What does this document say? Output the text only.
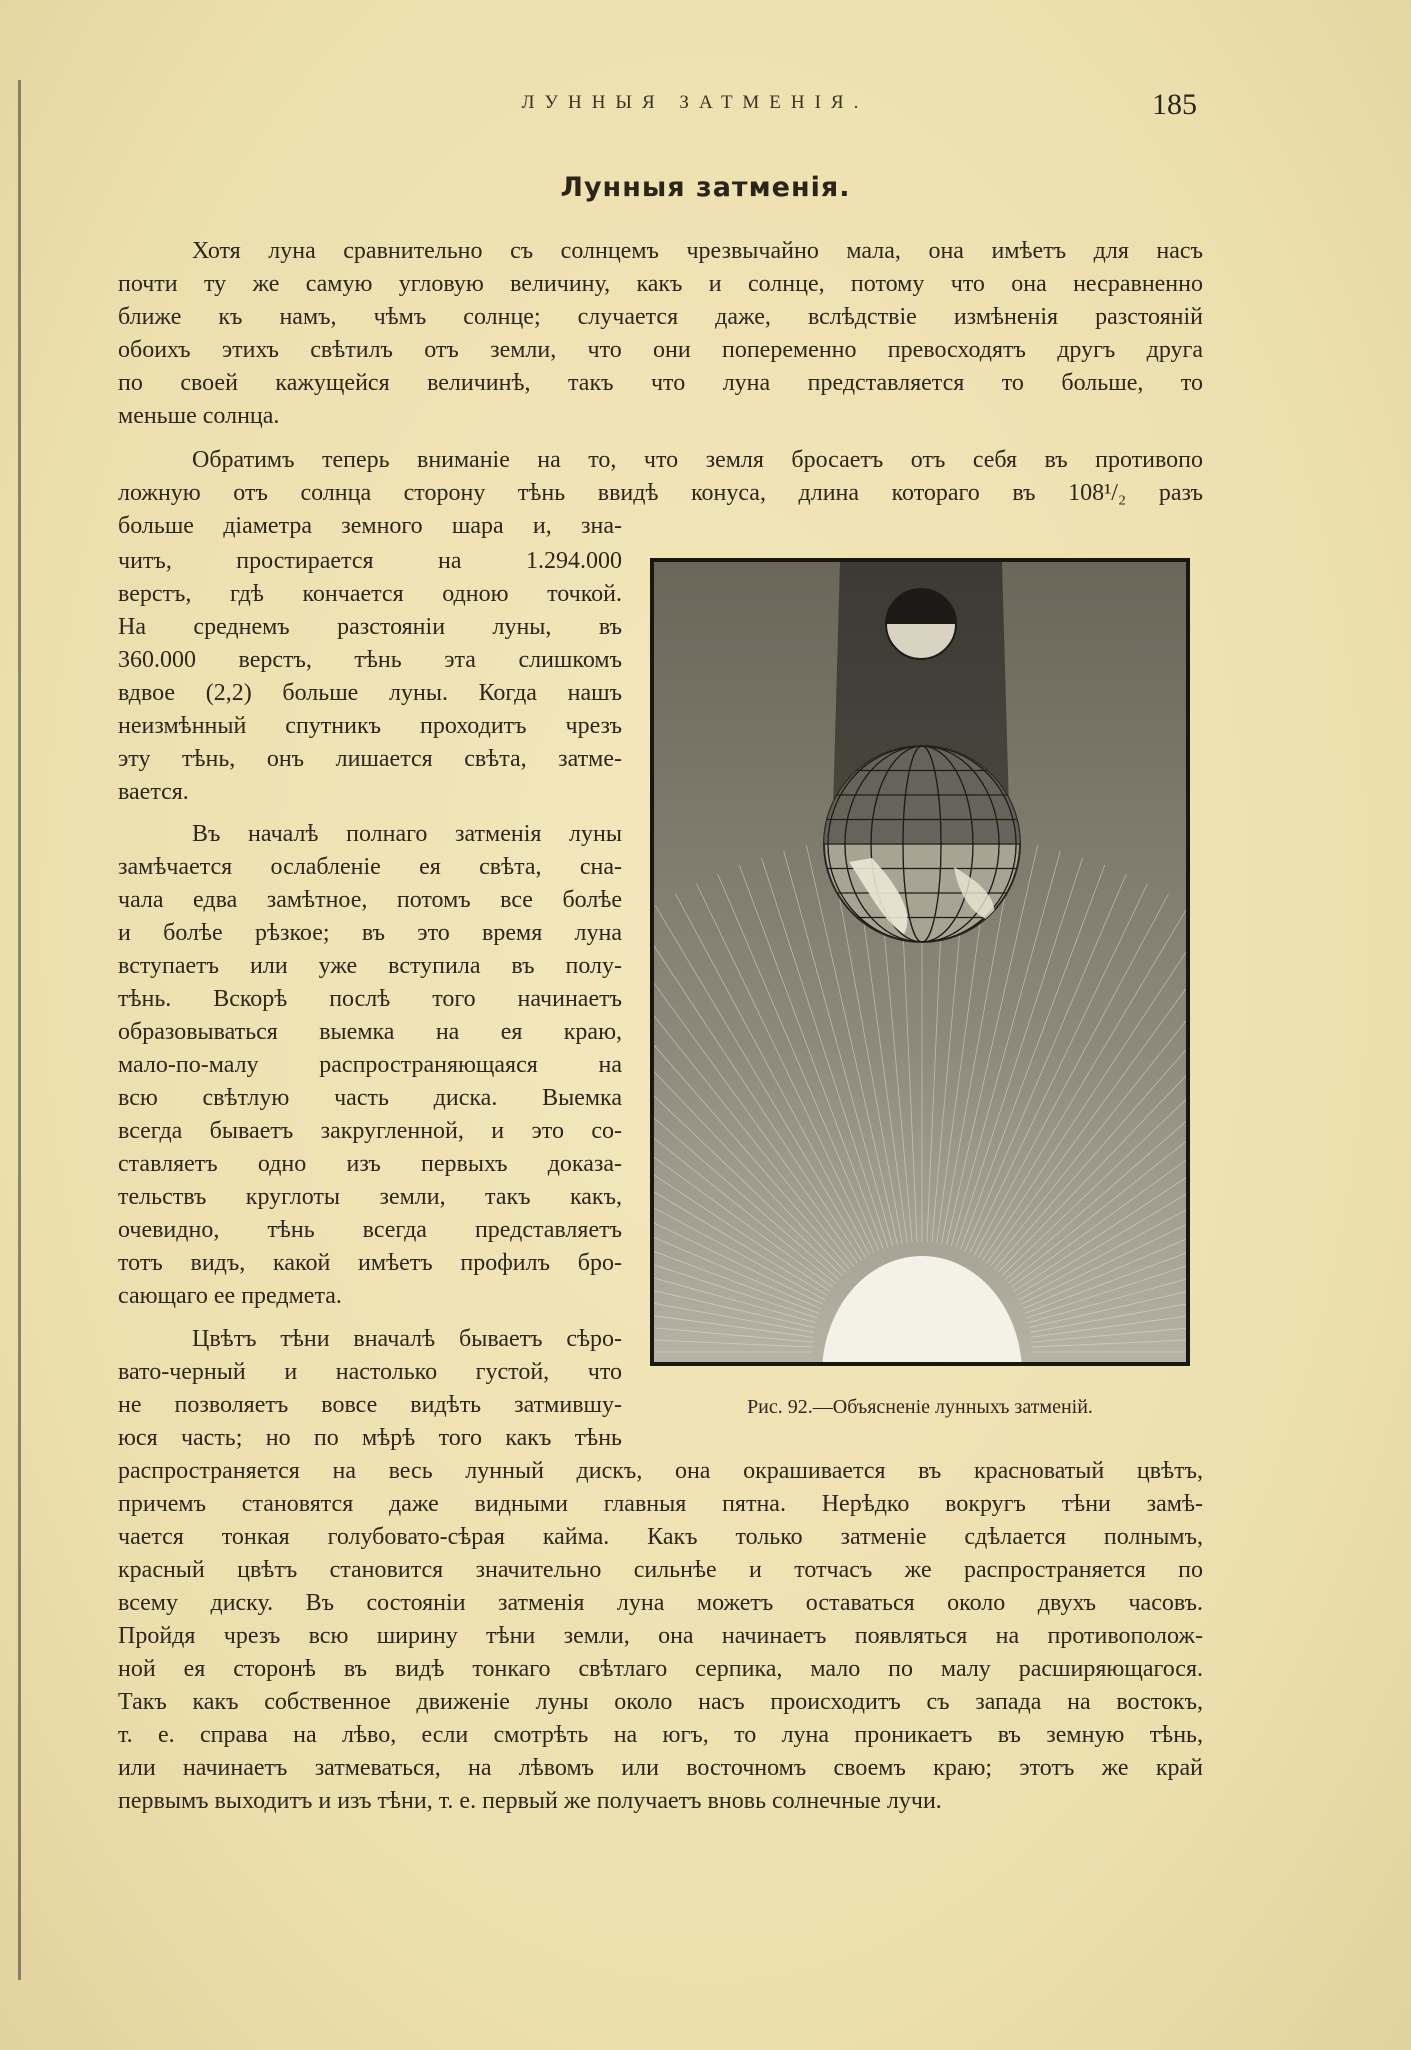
ЛУННЫЯ ЗАТМЕНІЯ.	185
Лунныя затменія.
Хотя луна сравнительно съ солнцемъ чрезвычайно мала, она имѣетъ для насъ
почти ту же самую угловую величину, какъ и солнце, потому что она несравненно
ближе къ намъ, чѣмъ солнце; случается даже, вслѣдствіе измѣненія разстояній
обоихъ этихъ свѣтилъ отъ земли, что они попеременно превосходятъ другъ друга
по своей кажущейся величинѣ, такъ что луна представляется то больше, то
меньше солнца.
Обратимъ теперь вниманіе на то, что земля бросаетъ отъ себя въ противопо
ложную отъ солнца сторону тѣнь ввидѣ конуса, длина котораго въ 108¹/₂ разъ
больше діаметра земного шара и, зна-
читъ, простирается на 1.294.000
верстъ, гдѣ кончается одною точкой.
На среднемъ разстояніи луны, въ
360.000 верстъ, тѣнь эта слишкомъ
вдвое (2,2) больше луны. Когда нашъ
неизмѣнный спутникъ проходитъ чрезъ
эту тѣнь, онъ лишается свѣта, затме-
вается.
Въ началѣ полнаго затменія луны
замѣчается ослабленіе ея свѣта, сна-
чала едва замѣтное, потомъ все болѣе
и болѣе рѣзкое; въ это время луна
вступаетъ или уже вступила въ полу-
тѣнь. Вскорѣ послѣ того начинаетъ
образовываться выемка на ея краю,
мало-по-малу распространяющаяся на
всю свѣтлую часть диска. Выемка
всегда бываетъ закругленной, и это со-
ставляетъ одно изъ первыхъ доказа-
тельствъ круглоты земли, такъ какъ,
очевидно, тѣнь всегда представляетъ
тотъ видъ, какой имѣетъ профилъ бро-
сающаго ее предмета.
Цвѣтъ тѣни вначалѣ бываетъ сѣро-
вато-черный и настолько густой, что
не позволяетъ вовсе видѣть затмившу-
юся часть; но по мѣрѣ того какъ тѣнь
распространяется на весь лунный дискъ, она окрашивается въ красноватый цвѣтъ,
причемъ становятся даже видными главныя пятна. Нерѣдко вокругъ тѣни замѣ-
чается тонкая голубовато-сѣрая кайма. Какъ только затменіе сдѣлается полнымъ,
красный цвѣтъ становится значительно сильнѣе и тотчасъ же распространяется по
всему диску. Въ состояніи затменія луна можетъ оставаться около двухъ часовъ.
Пройдя чрезъ всю ширину тѣни земли, она начинаетъ появляться на противополож-
ной ея сторонѣ въ видѣ тонкаго свѣтлаго серпика, мало по малу расширяющагося.
Такъ какъ собственное движеніе луны около насъ происходитъ съ запада на востокъ,
т. е. справа на лѣво, если смотрѣть на югъ, то луна проникаетъ въ земную тѣнь,
или начинаетъ затмеваться, на лѣвомъ или восточномъ своемъ краю; этотъ же край
первымъ выходитъ и изъ тѣни, т. е. первый же получаетъ вновь солнечные лучи.
Рис. 92.—Объясненіе лунныхъ затменій.
